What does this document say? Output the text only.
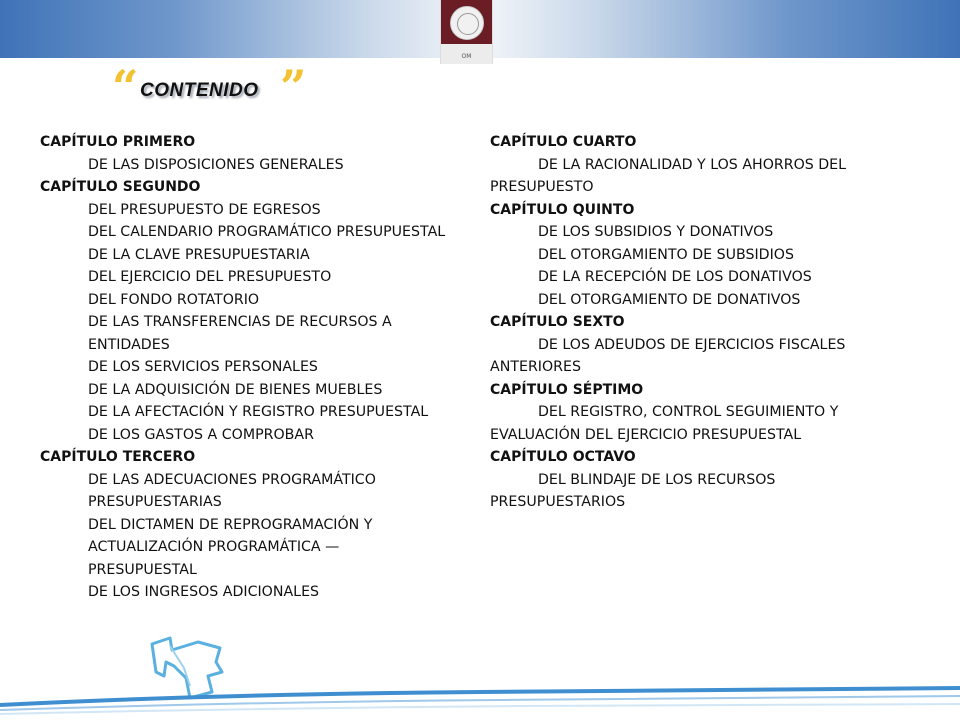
OM
“ CONTENIDO ”
CAPÍTULO PRIMERO
DE LAS DISPOSICIONES GENERALES
CAPÍTULO SEGUNDO
DEL PRESUPUESTO DE EGRESOS
DEL CALENDARIO PROGRAMÁTICO PRESUPUESTAL
DE LA CLAVE PRESUPUESTARIA
DEL EJERCICIO DEL PRESUPUESTO
DEL FONDO ROTATORIO
DE LAS TRANSFERENCIAS DE RECURSOS A ENTIDADES
DE LOS SERVICIOS PERSONALES
DE LA ADQUISICIÓN DE BIENES MUEBLES
DE LA AFECTACIÓN Y REGISTRO PRESUPUESTAL
DE LOS GASTOS A COMPROBAR
CAPÍTULO TERCERO
DE LAS ADECUACIONES PROGRAMÁTICO PRESUPUESTARIAS
DEL DICTAMEN DE REPROGRAMACIÓN Y ACTUALIZACIÓN PROGRAMÁTICA — PRESUPUESTAL
DE LOS INGRESOS ADICIONALES
CAPÍTULO CUARTO
DE LA RACIONALIDAD Y LOS AHORROS DEL PRESUPUESTO
CAPÍTULO QUINTO
DE LOS SUBSIDIOS Y DONATIVOS
DEL OTORGAMIENTO DE SUBSIDIOS
DE LA RECEPCIÓN DE LOS DONATIVOS
DEL OTORGAMIENTO DE DONATIVOS
CAPÍTULO SEXTO
DE LOS ADEUDOS DE EJERCICIOS FISCALES ANTERIORES
CAPÍTULO SÉPTIMO
DEL REGISTRO, CONTROL SEGUIMIENTO Y EVALUACIÓN DEL EJERCICIO PRESUPUESTAL
CAPÍTULO OCTAVO
DEL BLINDAJE DE LOS RECURSOS PRESUPUESTARIOS
